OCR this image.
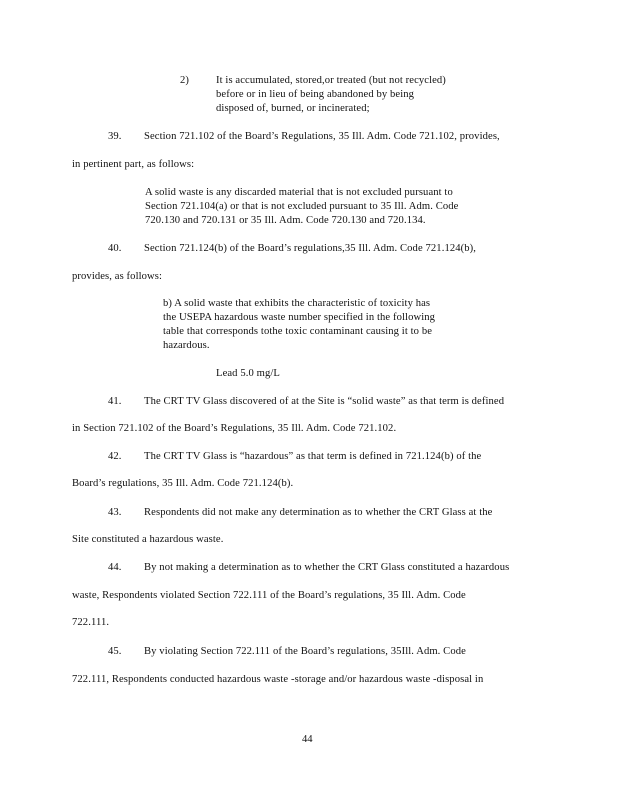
2)	It is accumulated, stored,or treated (but not recycled)
before or in lieu of being abandoned by being
disposed of, burned, or incinerated;
39. Section 721.102 of the Board’s Regulations, 35 Ill. Adm. Code 721.102, provides,
in pertinent part, as follows:
A solid waste is any discarded material that is not excluded pursuant to
Section 721.104(a) or that is not excluded pursuant to 35 Ill. Adm. Code
720.130 and 720.131 or 35 Ill. Adm. Code 720.130 and 720.134.
40. Section 721.124(b) of the Board’s regulations,35 Ill. Adm. Code 721.124(b),
provides, as follows:
b) A solid waste that exhibits the characteristic of toxicity has
the USEPA hazardous waste number specified in the following
table that corresponds tothe toxic contaminant causing it to be
hazardous.
Lead 5.0 mg/L
41. The CRT TV Glass discovered of at the Site is “solid waste” as that term is defined
in Section 721.102 of the Board’s Regulations, 35 Ill. Adm. Code 721.102.
42. The CRT TV Glass is “hazardous” as that term is defined in 721.124(b) of the
Board’s regulations, 35 Ill. Adm. Code 721.124(b).
43. Respondents did not make any determination as to whether the CRT Glass at the
Site constituted a hazardous waste.
44. By not making a determination as to whether the CRT Glass constituted a hazardous
waste, Respondents violated Section 722.111 of the Board’s regulations, 35 Ill. Adm. Code
722.111.
45. By violating Section 722.111 of the Board’s regulations, 35Ill. Adm. Code
722.111, Respondents conducted hazardous waste -storage and/or hazardous waste -disposal in
44
